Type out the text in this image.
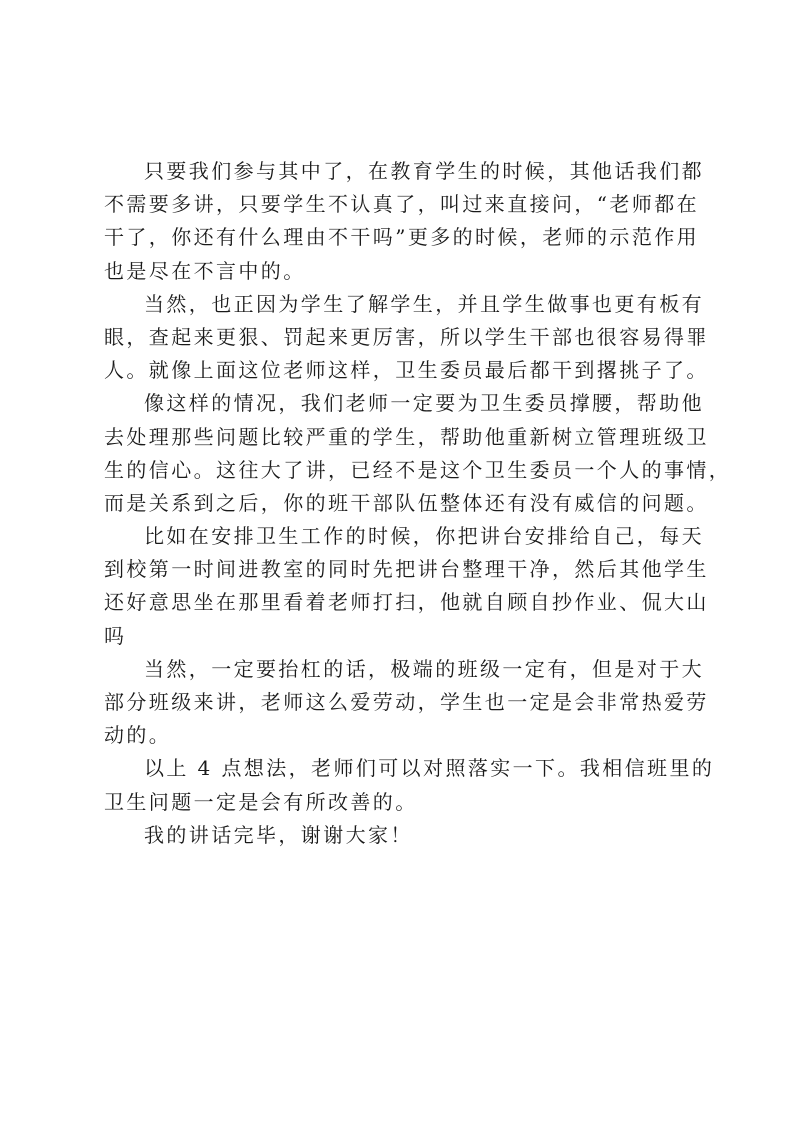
只要我们参与其中了，在教育学生的时候，其他话我们都
不需要多讲，只要学生不认真了，叫过来直接问，“老师都在
干了，你还有什么理由不干吗”更多的时候，老师的示范作用
也是尽在不言中的。
当然，也正因为学生了解学生，并且学生做事也更有板有
眼，查起来更狠、罚起来更厉害，所以学生干部也很容易得罪
人。就像上面这位老师这样，卫生委员最后都干到撂挑子了。
像这样的情况，我们老师一定要为卫生委员撑腰，帮助他
去处理那些问题比较严重的学生，帮助他重新树立管理班级卫
生的信心。这往大了讲，已经不是这个卫生委员一个人的事情，
而是关系到之后，你的班干部队伍整体还有没有威信的问题。
比如在安排卫生工作的时候，你把讲台安排给自己，每天
到校第一时间进教室的同时先把讲台整理干净，然后其他学生
还好意思坐在那里看着老师打扫，他就自顾自抄作业、侃大山
吗
当然，一定要抬杠的话，极端的班级一定有，但是对于大
部分班级来讲，老师这么爱劳动，学生也一定是会非常热爱劳
动的。
以上 4 点想法，老师们可以对照落实一下。我相信班里的
卫生问题一定是会有所改善的。
我的讲话完毕，谢谢大家！
